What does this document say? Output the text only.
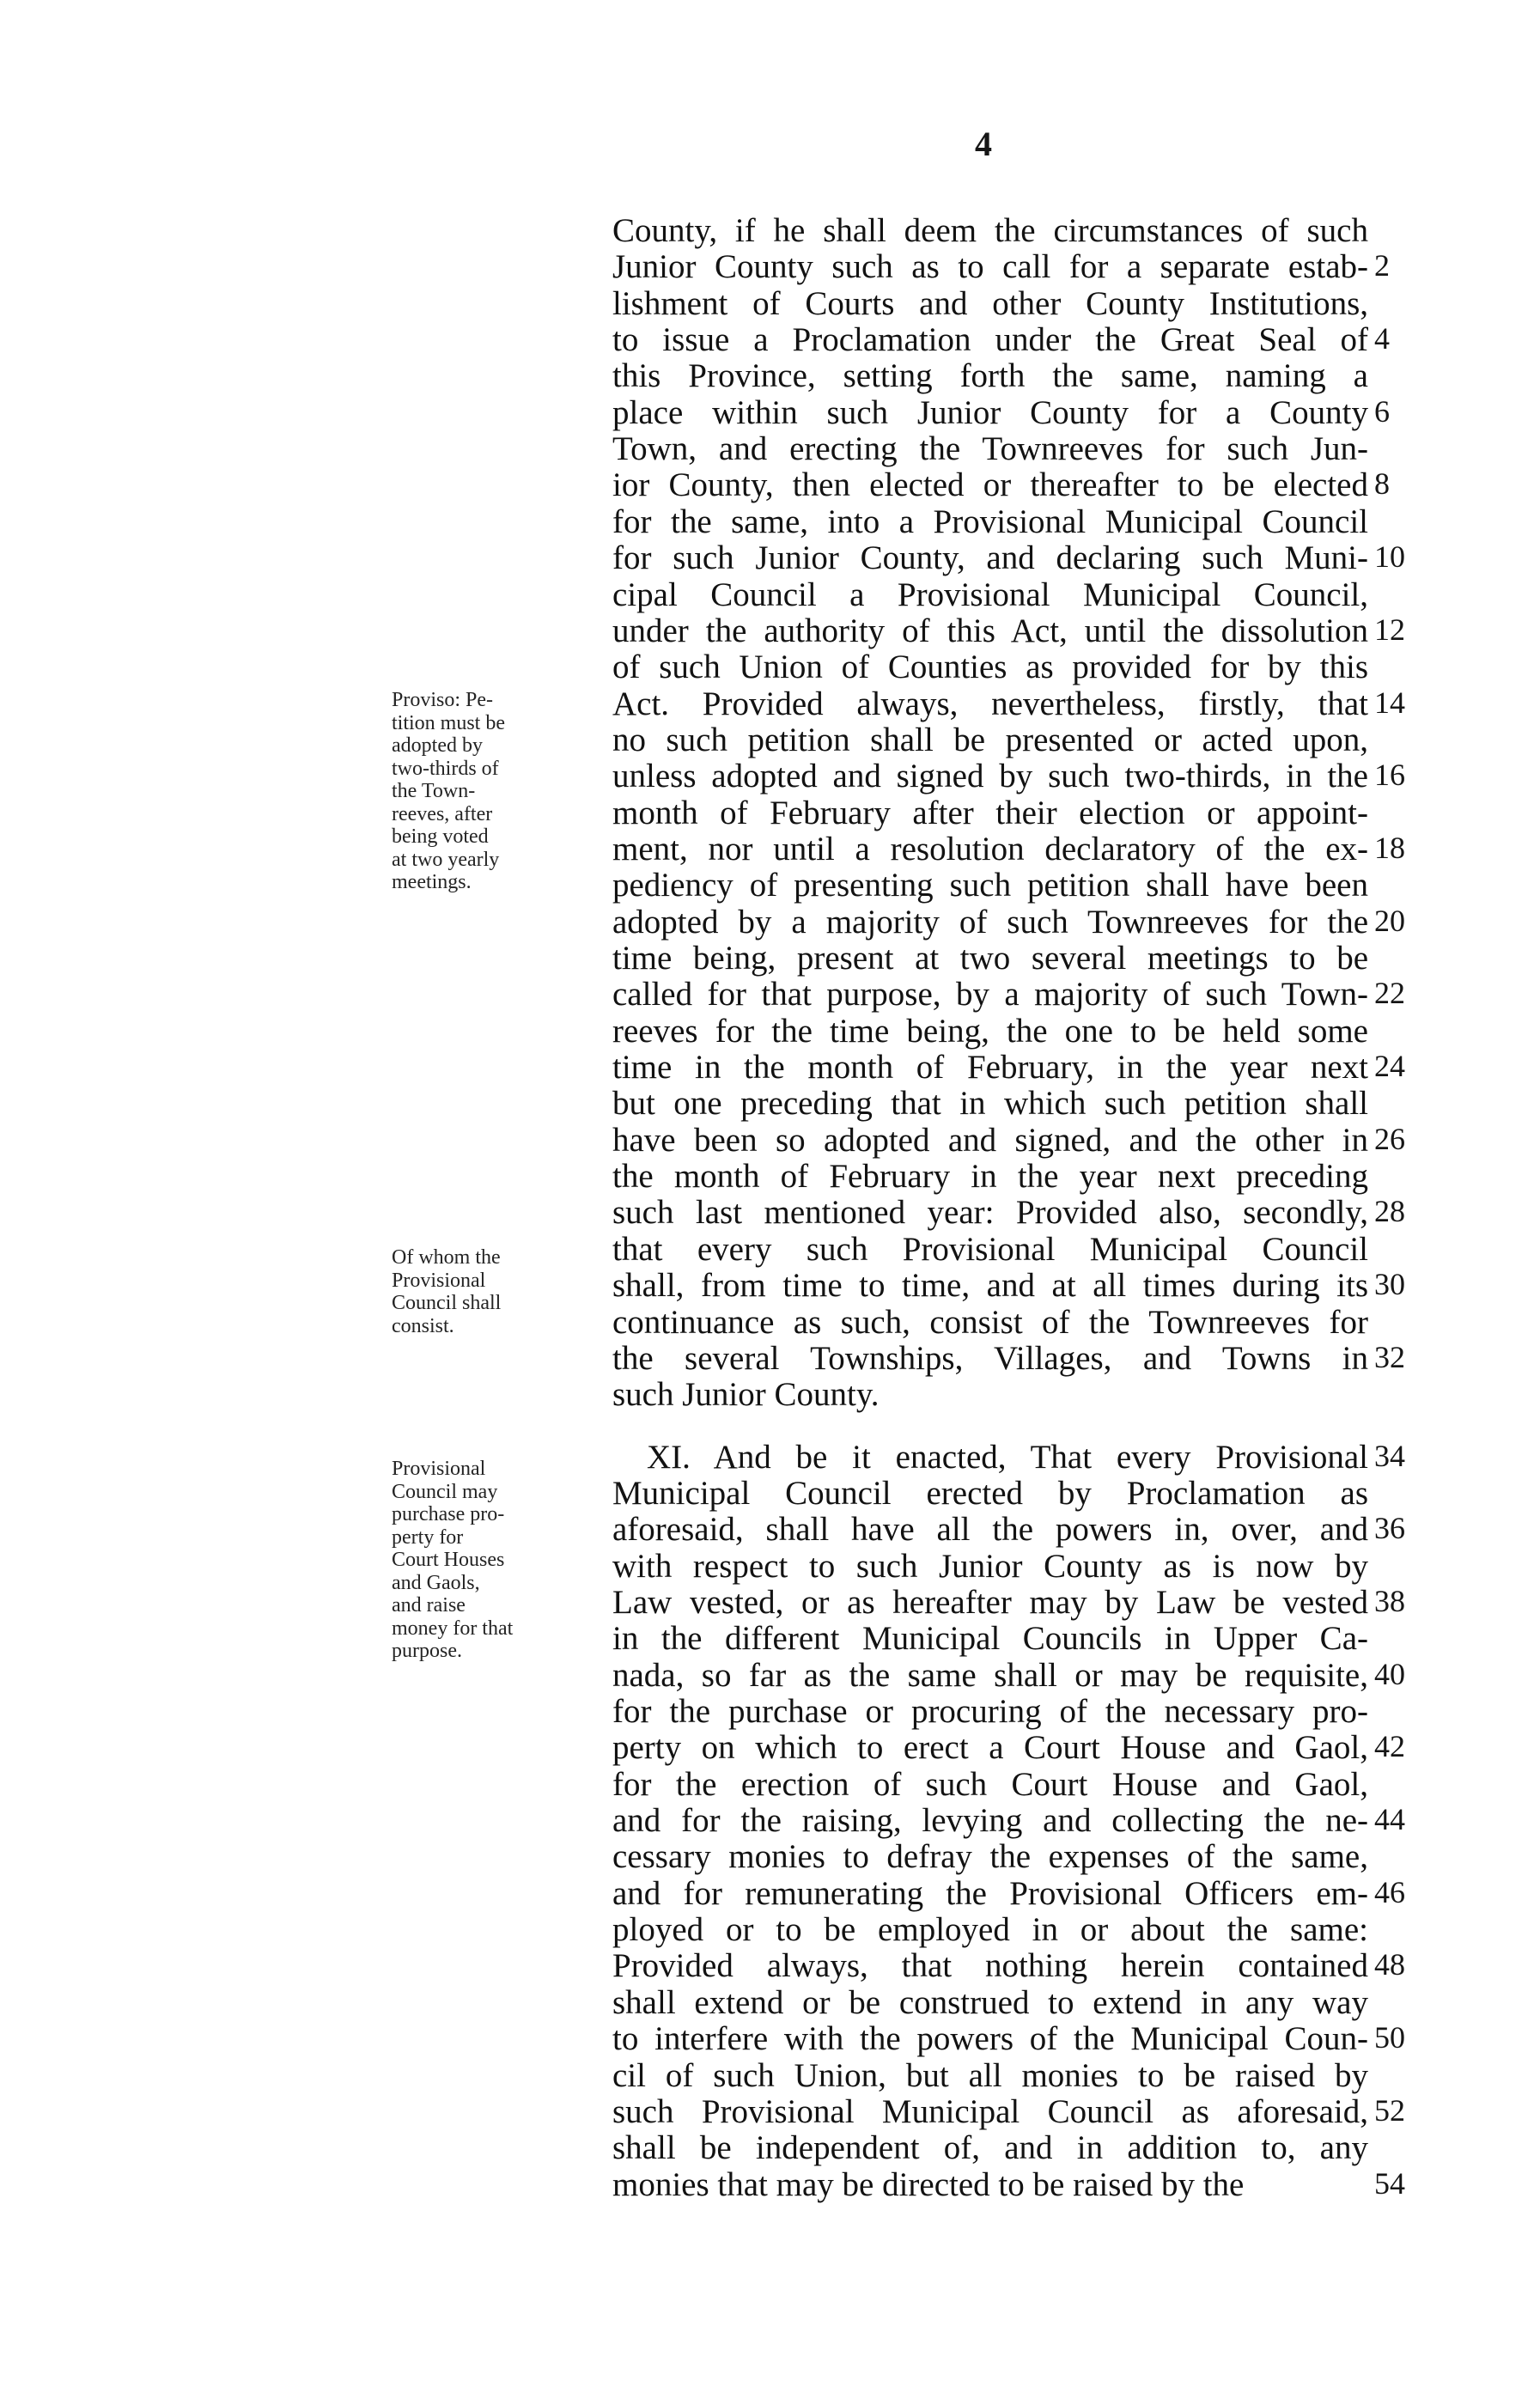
4
Proviso: Pe-
tition must be
adopted by
two-thirds of
the Town-
reeves, after
being voted
at two yearly
meetings.
Of whom the
Provisional
Council shall
consist.
Provisional
Council may
purchase pro-
perty for
Court Houses
and Gaols,
and raise
money for that
purpose.
County, if he shall deem the circumstances of such
Junior County such as to call for a separate estab-
lishment of Courts and other County Institutions,
to issue a Proclamation under the Great Seal of
this Province, setting forth the same, naming a
place within such Junior County for a County
Town, and erecting the Townreeves for such Jun-
ior County, then elected or thereafter to be elected
for the same, into a Provisional Municipal Council
for such Junior County, and declaring such Muni-
cipal Council a Provisional Municipal Council,
under the authority of this Act, until the dissolution
of such Union of Counties as provided for by this
Act. Provided always, nevertheless, firstly, that
no such petition shall be presented or acted upon,
unless adopted and signed by such two-thirds, in the
month of February after their election or appoint-
ment, nor until a resolution declaratory of the ex-
pediency of presenting such petition shall have been
adopted by a majority of such Townreeves for the
time being, present at two several meetings to be
called for that purpose, by a majority of such Town-
reeves for the time being, the one to be held some
time in the month of February, in the year next
but one preceding that in which such petition shall
have been so adopted and signed, and the other in
the month of February in the year next preceding
such last mentioned year: Provided also, secondly,
that every such Provisional Municipal Council
shall, from time to time, and at all times during its
continuance as such, consist of the Townreeves for
the several Townships, Villages, and Towns in
such Junior County.
XI. And be it enacted, That every Provisional
Municipal Council erected by Proclamation as
aforesaid, shall have all the powers in, over, and
with respect to such Junior County as is now by
Law vested, or as hereafter may by Law be vested
in the different Municipal Councils in Upper Ca-
nada, so far as the same shall or may be requisite,
for the purchase or procuring of the necessary pro-
perty on which to erect a Court House and Gaol,
for the erection of such Court House and Gaol,
and for the raising, levying and collecting the ne-
cessary monies to defray the expenses of the same,
and for remunerating the Provisional Officers em-
ployed or to be employed in or about the same:
Provided always, that nothing herein contained
shall extend or be construed to extend in any way
to interfere with the powers of the Municipal Coun-
cil of such Union, but all monies to be raised by
such Provisional Municipal Council as aforesaid,
shall be independent of, and in addition to, any
monies that may be directed to be raised by the
2
4
6
8
10
12
14
16
18
20
22
24
26
28
30
32
34
36
38
40
42
44
46
48
50
52
54
